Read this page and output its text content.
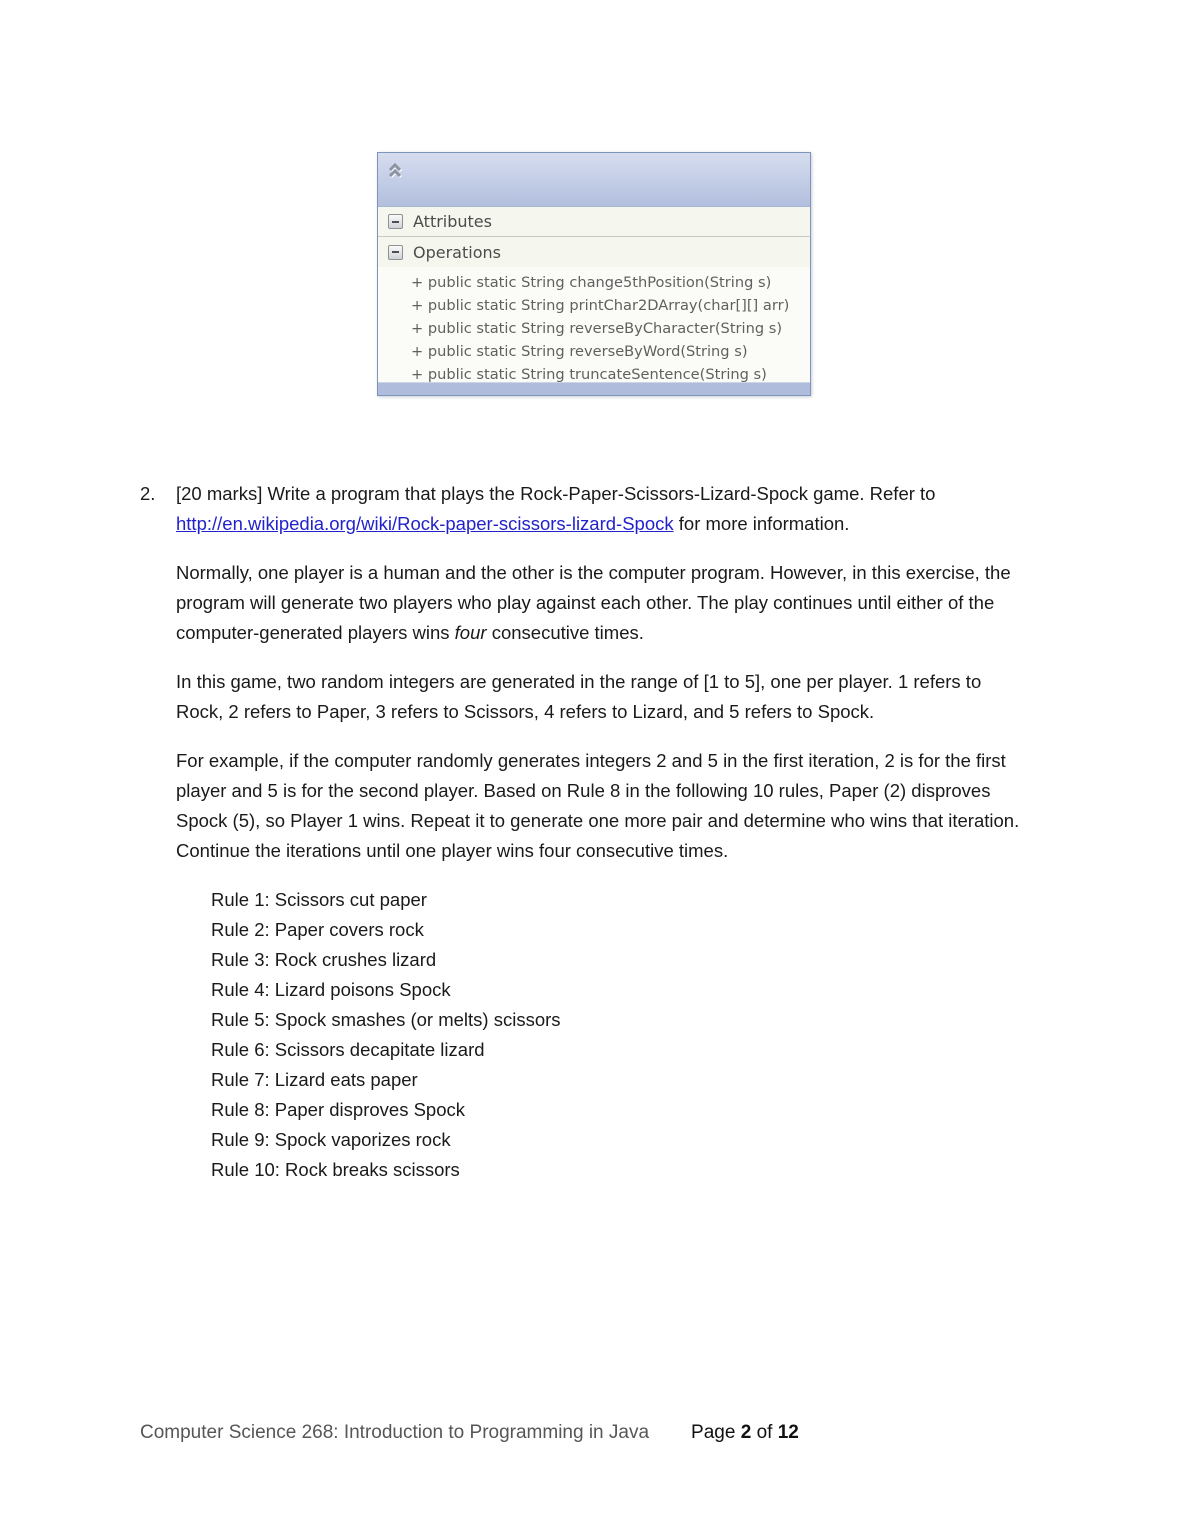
Attributes
Operations
+ public static String change5thPosition(String s)
+ public static String printChar2DArray(char[][] arr)
+ public static String reverseByCharacter(String s)
+ public static String reverseByWord(String s)
+ public static String truncateSentence(String s)
2.	[20 marks] Write a program that plays the Rock-Paper-Scissors-Lizard-Spock game. Refer to http://en.wikipedia.org/wiki/Rock-paper-scissors-lizard-Spock for more information.

Normally, one player is a human and the other is the computer program. However, in this exercise, the program will generate two players who play against each other. The play continues until either of the computer-generated players wins four consecutive times.

In this game, two random integers are generated in the range of [1 to 5], one per player. 1 refers to Rock, 2 refers to Paper, 3 refers to Scissors, 4 refers to Lizard, and 5 refers to Spock.

For example, if the computer randomly generates integers 2 and 5 in the first iteration, 2 is for the first player and 5 is for the second player. Based on Rule 8 in the following 10 rules, Paper (2) disproves Spock (5), so Player 1 wins. Repeat it to generate one more pair and determine who wins that iteration. Continue the iterations until one player wins four consecutive times.

Rule 1: Scissors cut paper
Rule 2: Paper covers rock
Rule 3: Rock crushes lizard
Rule 4: Lizard poisons Spock
Rule 5: Spock smashes (or melts) scissors
Rule 6: Scissors decapitate lizard
Rule 7: Lizard eats paper
Rule 8: Paper disproves Spock
Rule 9: Spock vaporizes rock
Rule 10: Rock breaks scissors
Computer Science 268: Introduction to Programming in Java Page 2 of 12
